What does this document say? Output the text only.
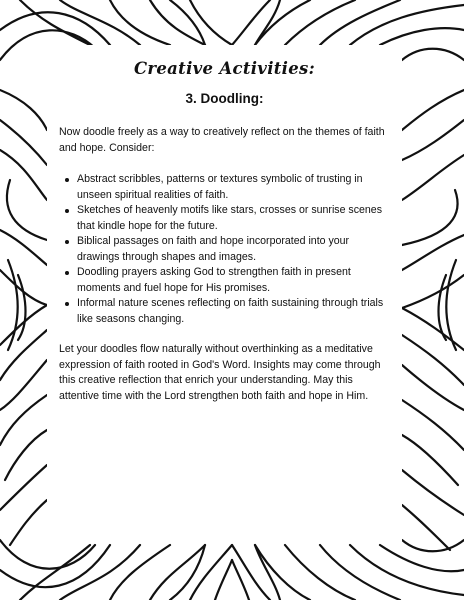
Creative Activities:
3. Doodling:

Now doodle freely as a way to creatively reflect on the themes of faith and hope. Consider:

Abstract scribbles, patterns or textures symbolic of trusting in unseen spiritual realities of faith.
Sketches of heavenly motifs like stars, crosses or sunrise scenes that kindle hope for the future.
Biblical passages on faith and hope incorporated into your drawings through shapes and images.
Doodling prayers asking God to strengthen faith in present moments and fuel hope for His promises.
Informal nature scenes reflecting on faith sustaining through trials like seasons changing.

Let your doodles flow naturally without overthinking as a meditative expression of faith rooted in God's Word. Insights may come through this creative reflection that enrich your understanding. May this attentive time with the Lord strengthen both faith and hope in Him.
